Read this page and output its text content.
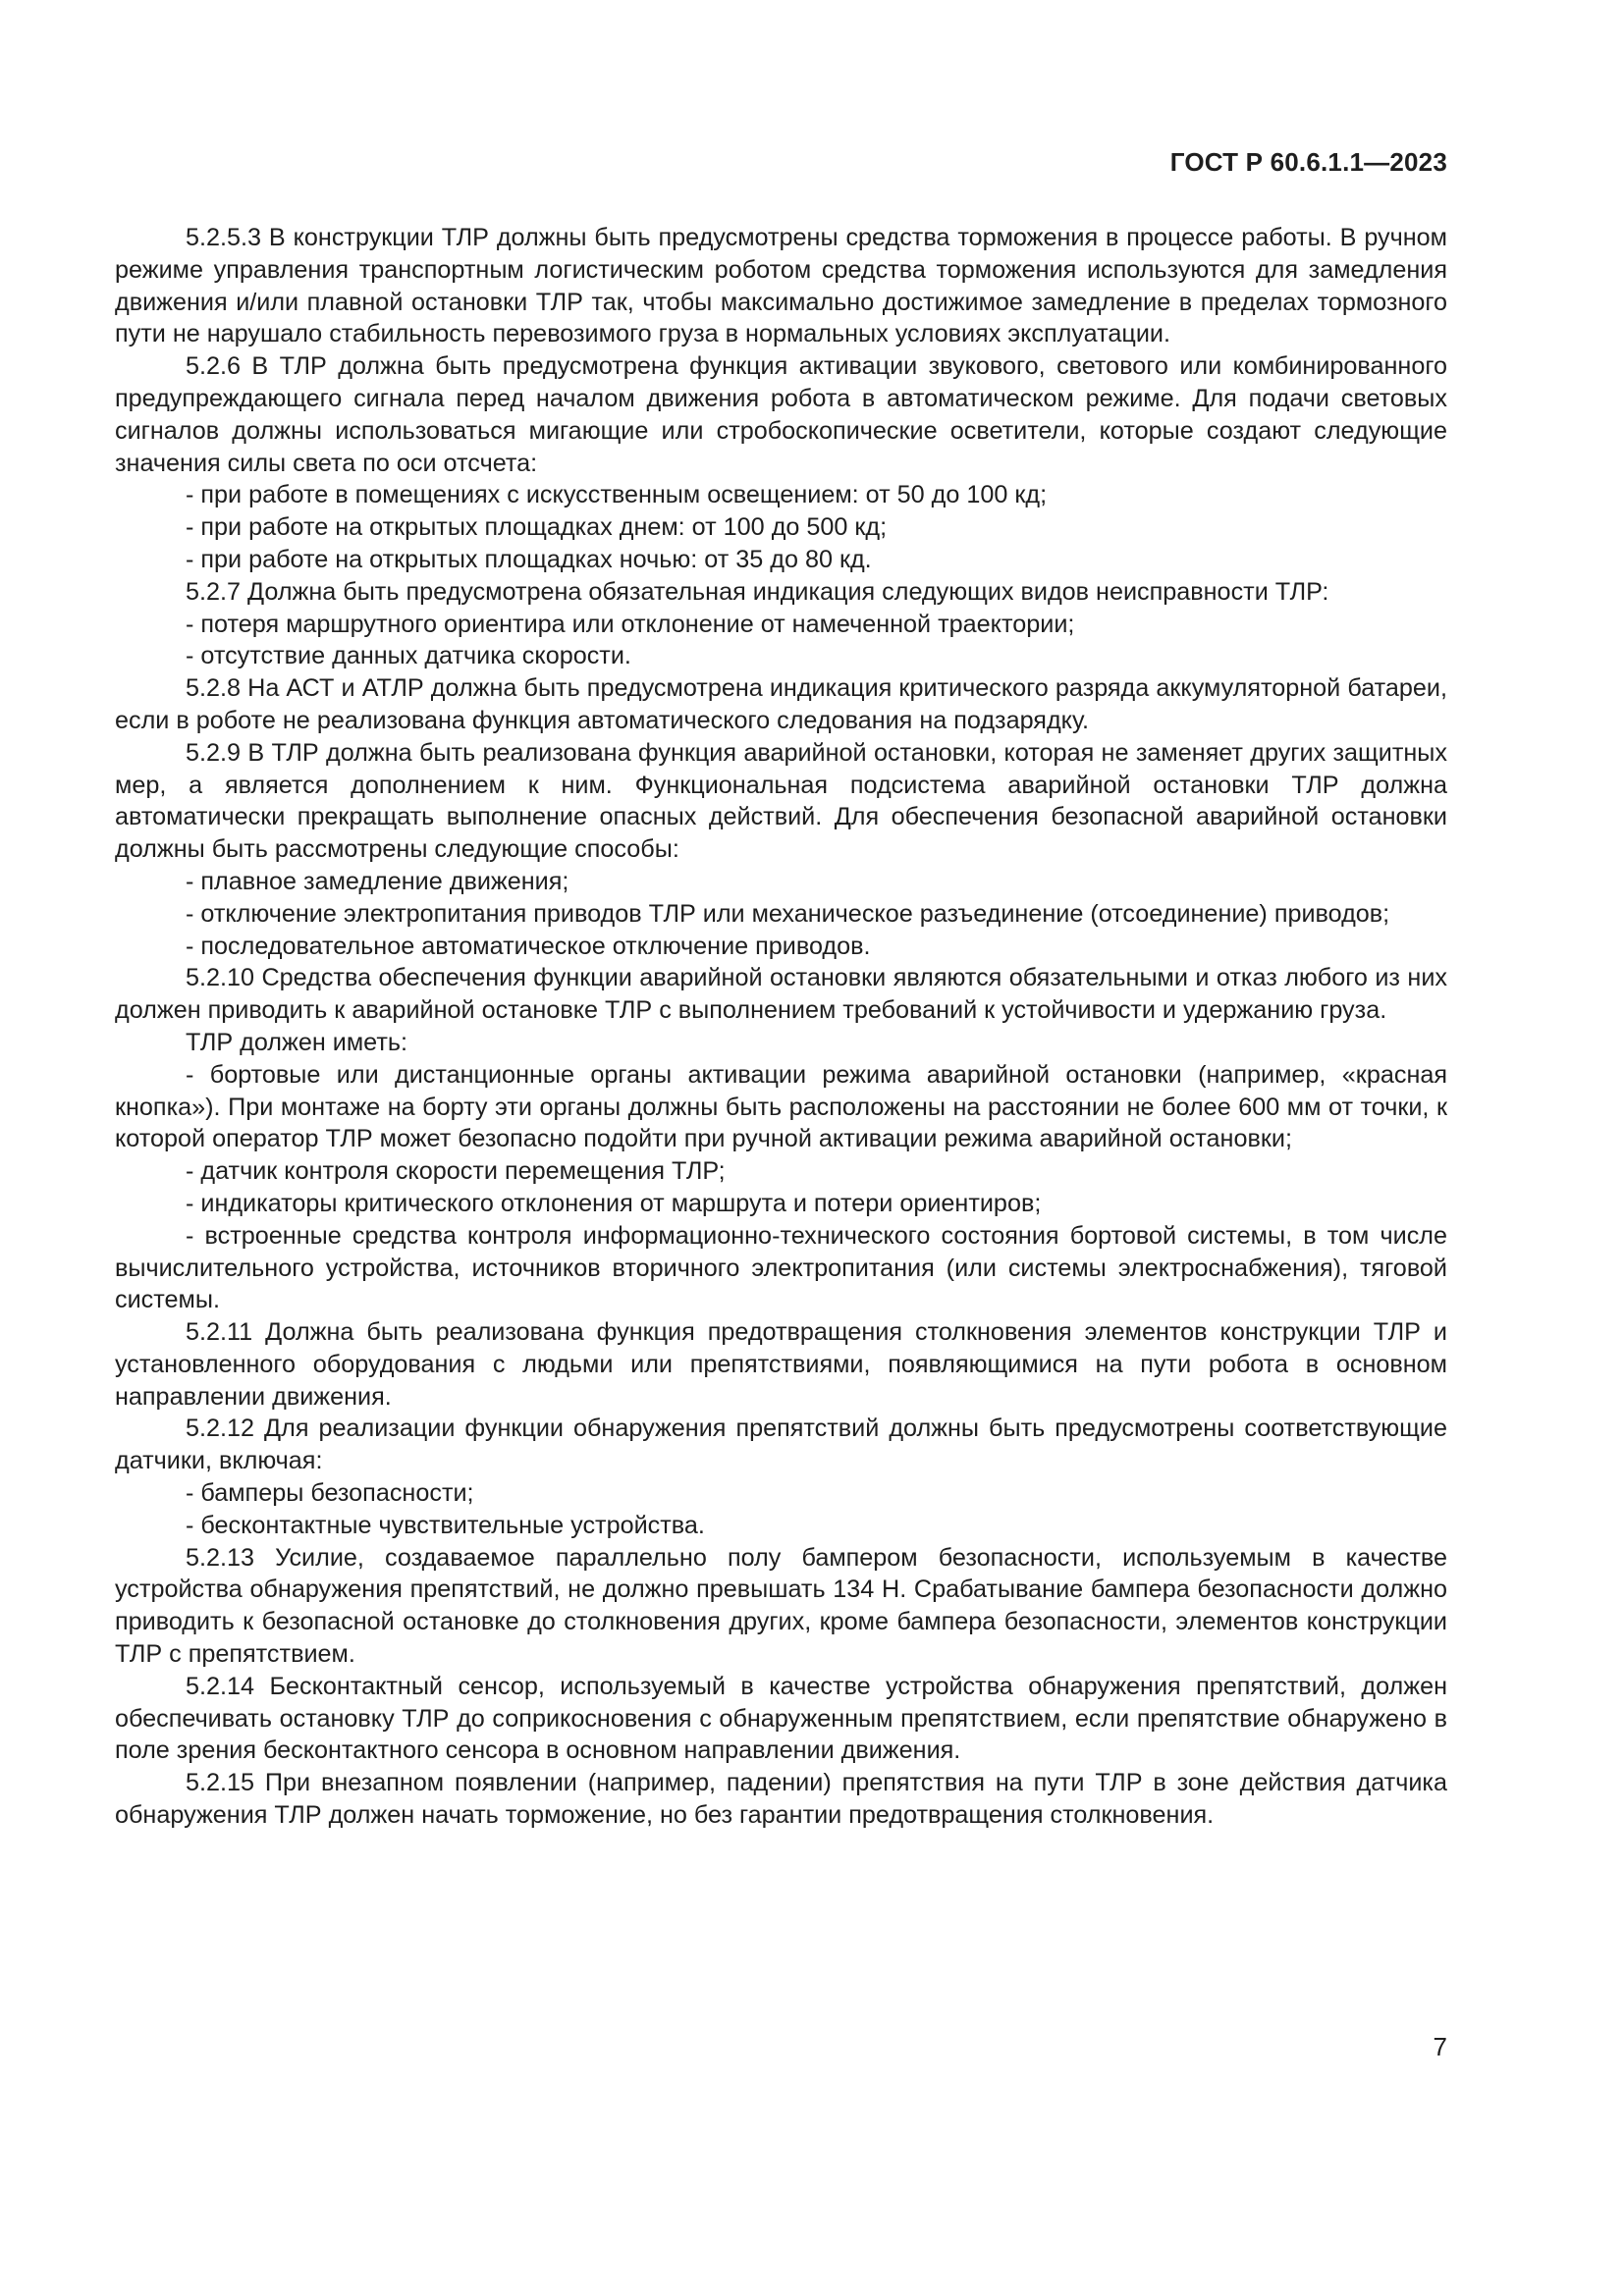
ГОСТ Р 60.6.1.1—2023

5.2.5.3 В конструкции ТЛР должны быть предусмотрены средства торможения в процессе работы. В ручном режиме управления транспортным логистическим роботом средства торможения используются для замедления движения и/или плавной остановки ТЛР так, чтобы максимально достижимое замедление в пределах тормозного пути не нарушало стабильность перевозимого груза в нормальных условиях эксплуатации.

5.2.6 В ТЛР должна быть предусмотрена функция активации звукового, светового или комбинированного предупреждающего сигнала перед началом движения робота в автоматическом режиме. Для подачи световых сигналов должны использоваться мигающие или стробоскопические осветители, которые создают следующие значения силы света по оси отсчета:

- при работе в помещениях с искусственным освещением: от 50 до 100 кд;

- при работе на открытых площадках днем: от 100 до 500 кд;

- при работе на открытых площадках ночью: от 35 до 80 кд.

5.2.7 Должна быть предусмотрена обязательная индикация следующих видов неисправности ТЛР:

- потеря маршрутного ориентира или отклонение от намеченной траектории;

- отсутствие данных датчика скорости.

5.2.8 На АСТ и АТЛР должна быть предусмотрена индикация критического разряда аккумуляторной батареи, если в роботе не реализована функция автоматического следования на подзарядку.

5.2.9 В ТЛР должна быть реализована функция аварийной остановки, которая не заменяет других защитных мер, а является дополнением к ним. Функциональная подсистема аварийной остановки ТЛР должна автоматически прекращать выполнение опасных действий. Для обеспечения безопасной аварийной остановки должны быть рассмотрены следующие способы:

- плавное замедление движения;

- отключение электропитания приводов ТЛР или механическое разъединение (отсоединение) приводов;

- последовательное автоматическое отключение приводов.

5.2.10 Средства обеспечения функции аварийной остановки являются обязательными и отказ любого из них должен приводить к аварийной остановке ТЛР с выполнением требований к устойчивости и удержанию груза.

ТЛР должен иметь:

- бортовые или дистанционные органы активации режима аварийной остановки (например, «красная кнопка»). При монтаже на борту эти органы должны быть расположены на расстоянии не более 600 мм от точки, к которой оператор ТЛР может безопасно подойти при ручной активации режима аварийной остановки;

- датчик контроля скорости перемещения ТЛР;

- индикаторы критического отклонения от маршрута и потери ориентиров;

- встроенные средства контроля информационно-технического состояния бортовой системы, в том числе вычислительного устройства, источников вторичного электропитания (или системы электроснабжения), тяговой системы.

5.2.11 Должна быть реализована функция предотвращения столкновения элементов конструкции ТЛР и установленного оборудования с людьми или препятствиями, появляющимися на пути робота в основном направлении движения.

5.2.12 Для реализации функции обнаружения препятствий должны быть предусмотрены соответствующие датчики, включая:

- бамперы безопасности;

- бесконтактные чувствительные устройства.

5.2.13 Усилие, создаваемое параллельно полу бампером безопасности, используемым в качестве устройства обнаружения препятствий, не должно превышать 134 Н. Срабатывание бампера безопасности должно приводить к безопасной остановке до столкновения других, кроме бампера безопасности, элементов конструкции ТЛР с препятствием.

5.2.14 Бесконтактный сенсор, используемый в качестве устройства обнаружения препятствий, должен обеспечивать остановку ТЛР до соприкосновения с обнаруженным препятствием, если препятствие обнаружено в поле зрения бесконтактного сенсора в основном направлении движения.

5.2.15 При внезапном появлении (например, падении) препятствия на пути ТЛР в зоне действия датчика обнаружения ТЛР должен начать торможение, но без гарантии предотвращения столкновения.

7
